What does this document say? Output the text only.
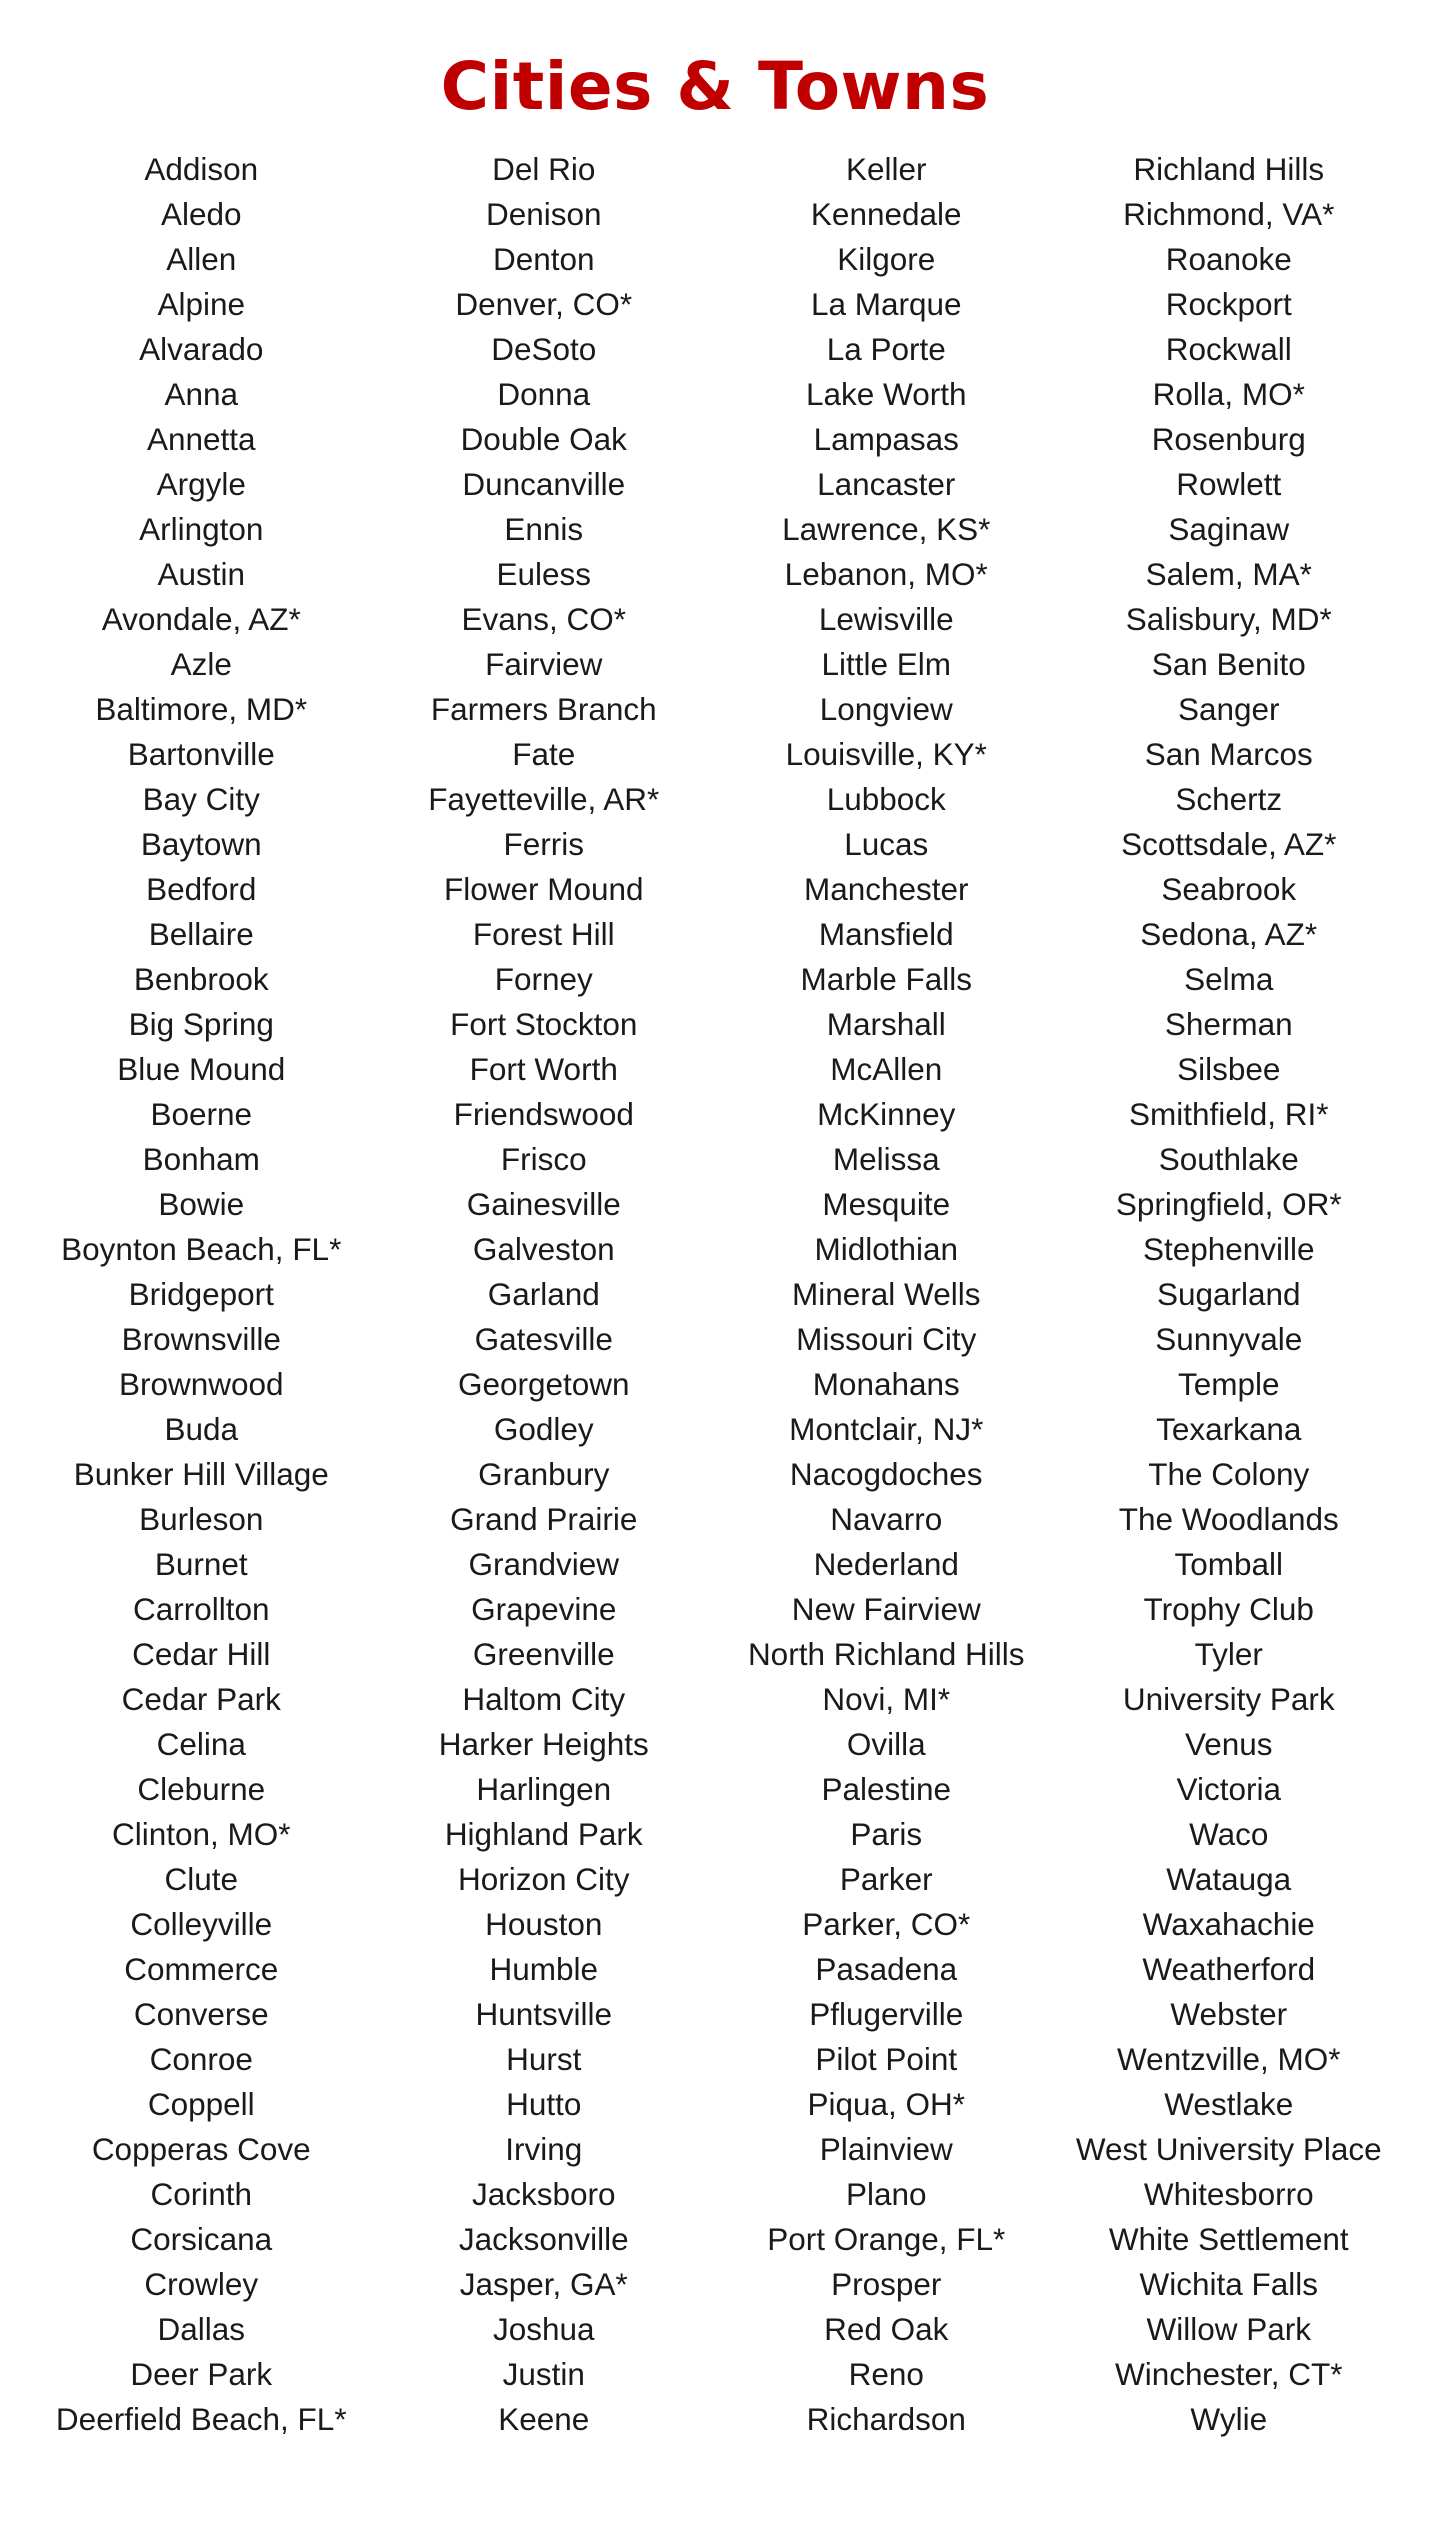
Cities & Towns
Addison
Aledo
Allen
Alpine
Alvarado
Anna
Annetta
Argyle
Arlington
Austin
Avondale, AZ*
Azle
Baltimore, MD*
Bartonville
Bay City
Baytown
Bedford
Bellaire
Benbrook
Big Spring
Blue Mound
Boerne
Bonham
Bowie
Boynton Beach, FL*
Bridgeport
Brownsville
Brownwood
Buda
Bunker Hill Village
Burleson
Burnet
Carrollton
Cedar Hill
Cedar Park
Celina
Cleburne
Clinton, MO*
Clute
Colleyville
Commerce
Converse
Conroe
Coppell
Copperas Cove
Corinth
Corsicana
Crowley
Dallas
Deer Park
Deerfield Beach, FL*
Del Rio
Denison
Denton
Denver, CO*
DeSoto
Donna
Double Oak
Duncanville
Ennis
Euless
Evans, CO*
Fairview
Farmers Branch
Fate
Fayetteville, AR*
Ferris
Flower Mound
Forest Hill
Forney
Fort Stockton
Fort Worth
Friendswood
Frisco
Gainesville
Galveston
Garland
Gatesville
Georgetown
Godley
Granbury
Grand Prairie
Grandview
Grapevine
Greenville
Haltom City
Harker Heights
Harlingen
Highland Park
Horizon City
Houston
Humble
Huntsville
Hurst
Hutto
Irving
Jacksboro
Jacksonville
Jasper, GA*
Joshua
Justin
Keene
Keller
Kennedale
Kilgore
La Marque
La Porte
Lake Worth
Lampasas
Lancaster
Lawrence, KS*
Lebanon, MO*
Lewisville
Little Elm
Longview
Louisville, KY*
Lubbock
Lucas
Manchester
Mansfield
Marble Falls
Marshall
McAllen
McKinney
Melissa
Mesquite
Midlothian
Mineral Wells
Missouri City
Monahans
Montclair, NJ*
Nacogdoches
Navarro
Nederland
New Fairview
North Richland Hills
Novi, MI*
Ovilla
Palestine
Paris
Parker
Parker, CO*
Pasadena
Pflugerville
Pilot Point
Piqua, OH*
Plainview
Plano
Port Orange, FL*
Prosper
Red Oak
Reno
Richardson
Richland Hills
Richmond, VA*
Roanoke
Rockport
Rockwall
Rolla, MO*
Rosenburg
Rowlett
Saginaw
Salem, MA*
Salisbury, MD*
San Benito
Sanger
San Marcos
Schertz
Scottsdale, AZ*
Seabrook
Sedona, AZ*
Selma
Sherman
Silsbee
Smithfield, RI*
Southlake
Springfield, OR*
Stephenville
Sugarland
Sunnyvale
Temple
Texarkana
The Colony
The Woodlands
Tomball
Trophy Club
Tyler
University Park
Venus
Victoria
Waco
Watauga
Waxahachie
Weatherford
Webster
Wentzville, MO*
Westlake
West University Place
Whitesborro
White Settlement
Wichita Falls
Willow Park
Winchester, CT*
Wylie
